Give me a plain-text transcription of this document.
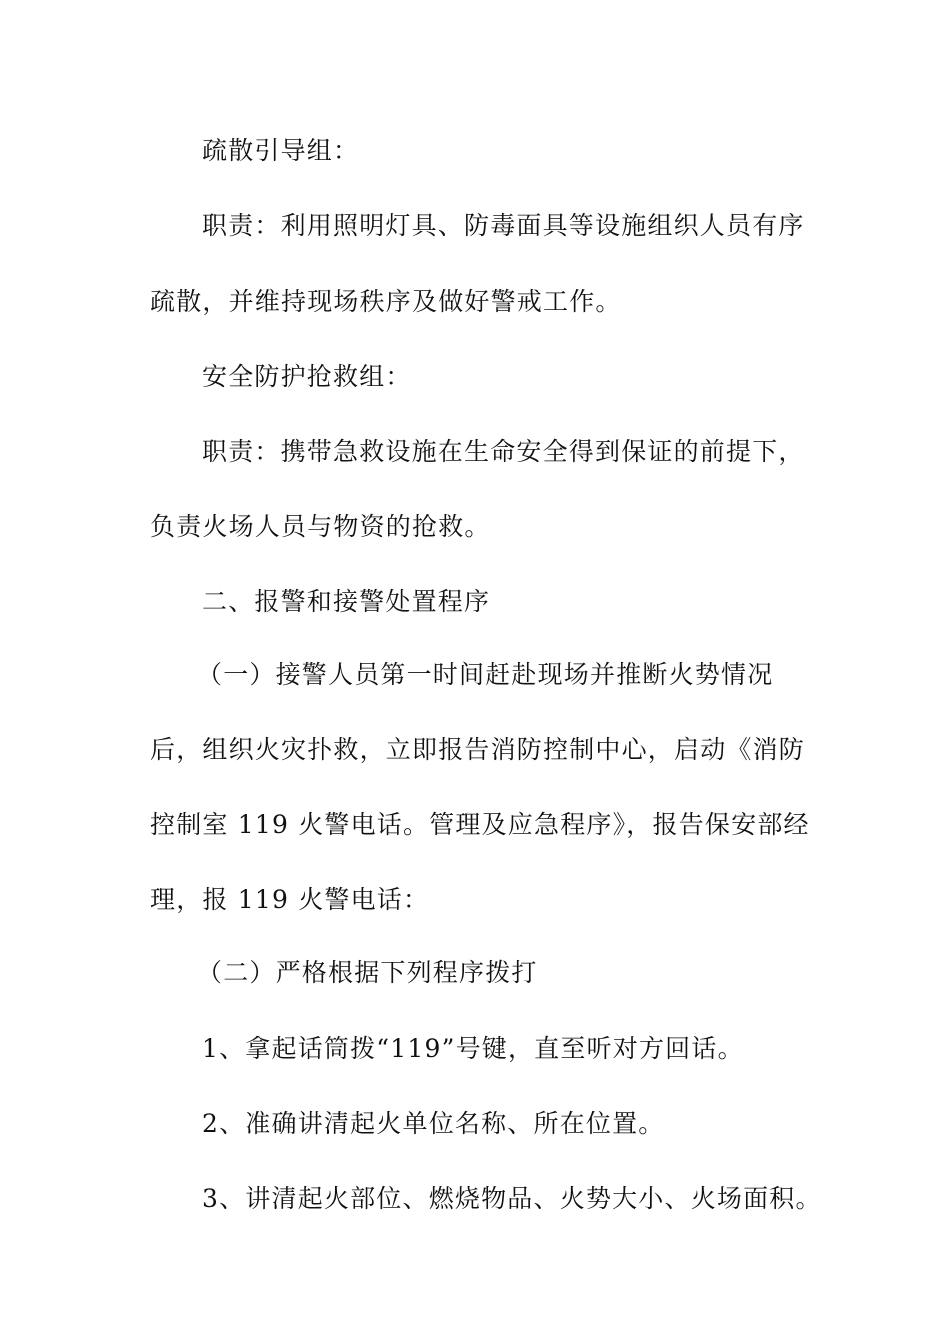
疏散引导组：
职责：利用照明灯具、防毒面具等设施组织人员有序
疏散，并维持现场秩序及做好警戒工作。
安全防护抢救组：
职责：携带急救设施在生命安全得到保证的前提下，
负责火场人员与物资的抢救。
二、报警和接警处置程序
（一）接警人员第一时间赶赴现场并推断火势情况
后，组织火灾扑救，立即报告消防控制中心，启动《消防
控制室 119 火警电话。管理及应急程序》，报告保安部经
理，报 119 火警电话：
（二）严格根据下列程序拨打
1、拿起话筒拨“119”号键，直至听对方回话。
2、准确讲清起火单位名称、所在位置。
3、讲清起火部位、燃烧物品、火势大小、火场面积。
